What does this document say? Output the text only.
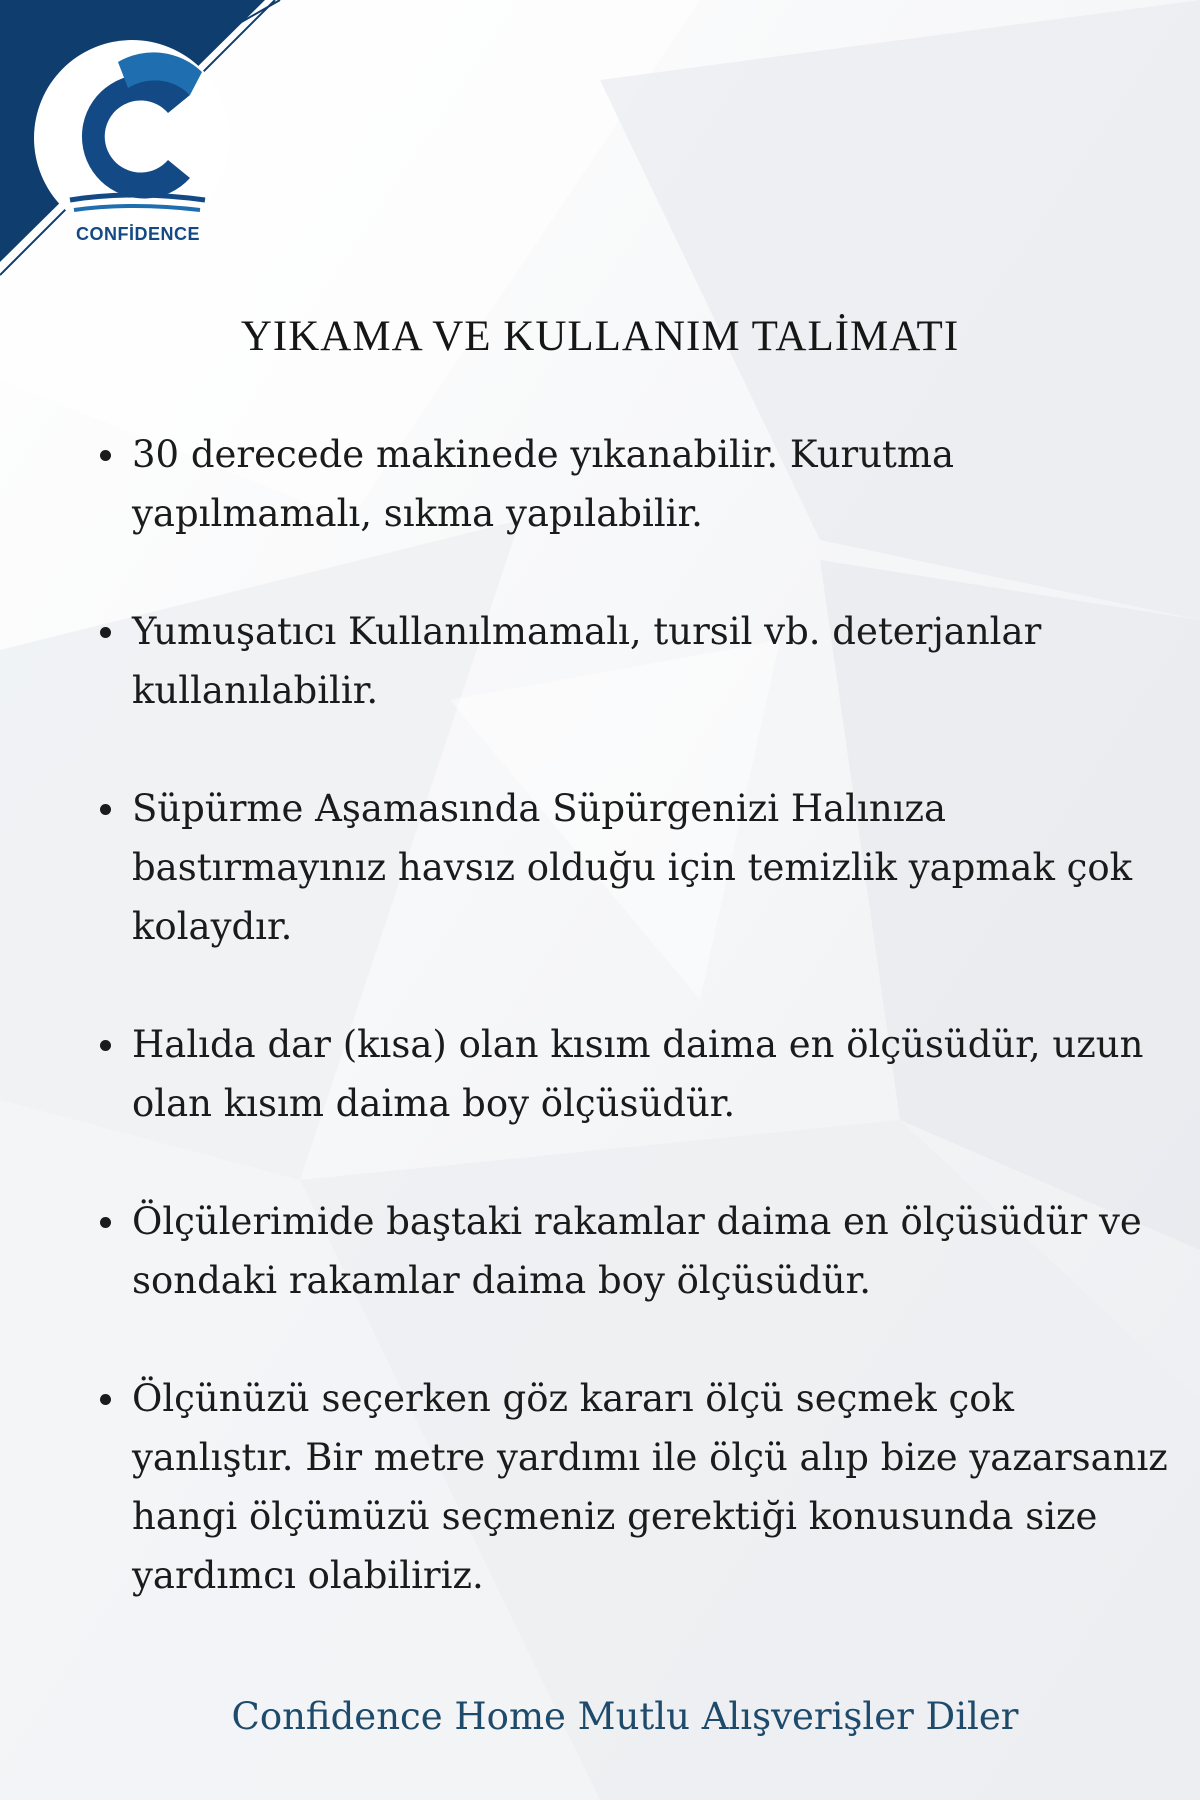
CONFİDENCE
YIKAMA VE KULLANIM TALİMATI
30 derecede makinede yıkanabilir. Kurutma yapılmamalı, sıkma yapılabilir.
Yumuşatıcı Kullanılmamalı, tursil vb. deterjanlar kullanılabilir.
Süpürme Aşamasında Süpürgenizi Halınıza bastırmayınız havsız olduğu için temizlik yapmak çok kolaydır.
Halıda dar (kısa) olan kısım daima en ölçüsüdür, uzun olan kısım daima boy ölçüsüdür.
Ölçülerimide baştaki rakamlar daima en ölçüsüdür ve sondaki rakamlar daima boy ölçüsüdür.
Ölçünüzü seçerken göz kararı ölçü seçmek çok yanlıştır. Bir metre yardımı ile ölçü alıp bize yazarsanız hangi ölçümüzü seçmeniz gerektiği konusunda size yardımcı olabiliriz.

Confidence Home Mutlu Alışverişler Diler
